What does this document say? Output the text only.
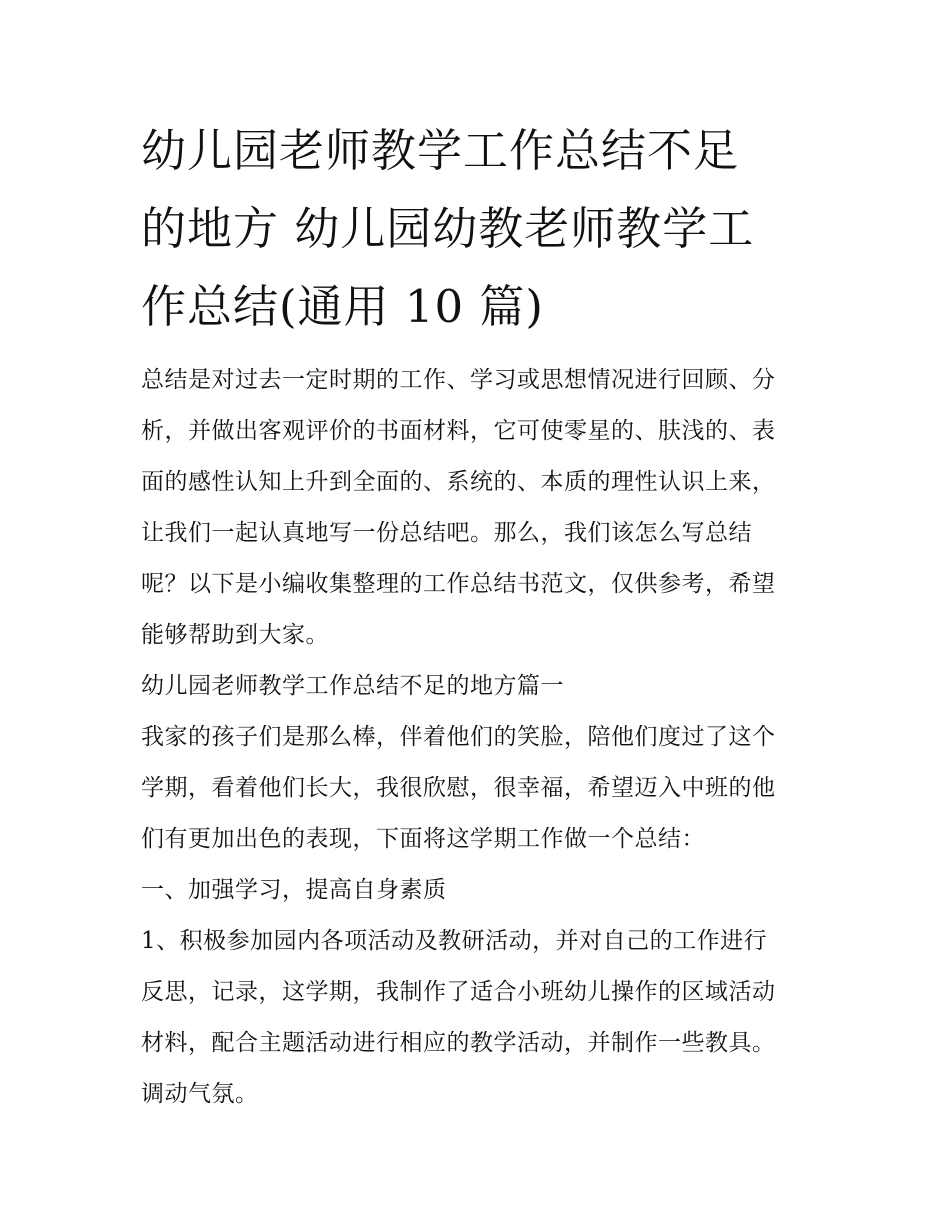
幼儿园老师教学工作总结不足
的地方 幼儿园幼教老师教学工
作总结(通用 10 篇)
总结是对过去一定时期的工作、学习或思想情况进行回顾、分
析，并做出客观评价的书面材料，它可使零星的、肤浅的、表
面的感性认知上升到全面的、系统的、本质的理性认识上来，
让我们一起认真地写一份总结吧。那么，我们该怎么写总结
呢？以下是小编收集整理的工作总结书范文，仅供参考，希望
能够帮助到大家。
幼儿园老师教学工作总结不足的地方篇一
我家的孩子们是那么棒，伴着他们的笑脸，陪他们度过了这个
学期，看着他们长大，我很欣慰，很幸福，希望迈入中班的他
们有更加出色的表现，下面将这学期工作做一个总结：
一、加强学习，提高自身素质
1、积极参加园内各项活动及教研活动，并对自己的工作进行
反思，记录，这学期，我制作了适合小班幼儿操作的区域活动
材料，配合主题活动进行相应的教学活动，并制作一些教具。
调动气氛。
